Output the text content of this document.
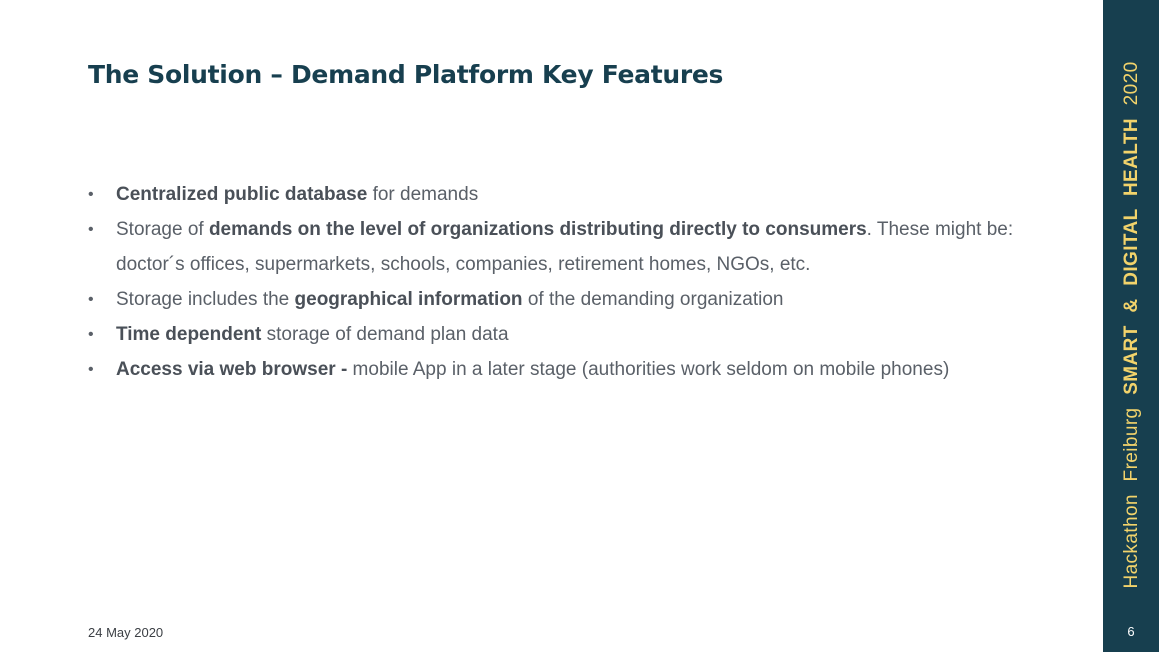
The Solution – Demand Platform Key Features
• Centralized public database for demands
• Storage of demands on the level of organizations distributing directly to consumers. These might be: doctor´s offices, supermarkets, schools, companies, retirement homes, NGOs, etc.
• Storage includes the geographical information of the demanding organization
• Time dependent storage of demand plan data
• Access via web browser - mobile App in a later stage (authorities work seldom on mobile phones)
24 May 2020
Hackathon Freiburg SMART & DIGITAL HEALTH 2020
6
